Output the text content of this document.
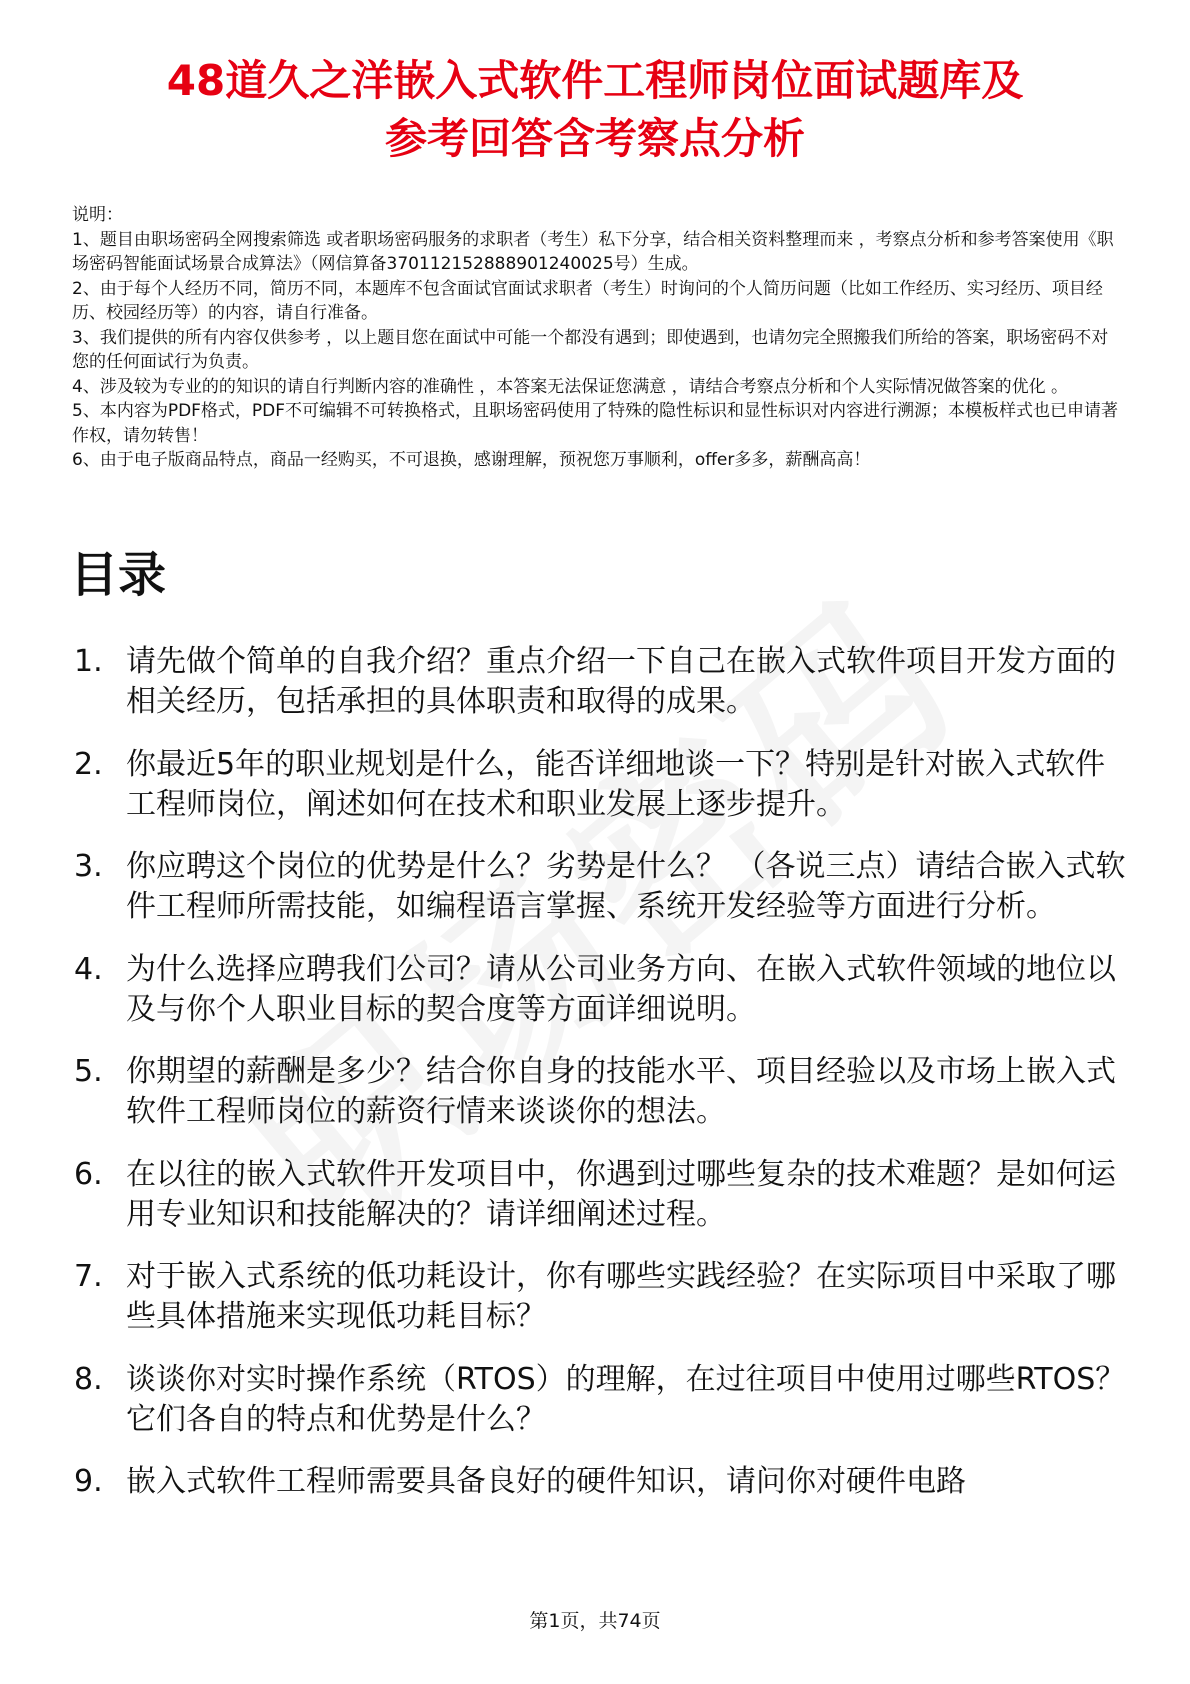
48道久之洋嵌入式软件工程师岗位面试题库及
参考回答含考察点分析

说明：

1、题目由职场密码全网搜索筛选 或者职场密码服务的求职者（考生）私下分享，结合相关资料整理而来 ，考察点分析和参考答案使用《职场密码智能面试场景合成算法》（网信算备370112152888901240025号）生成。

2、由于每个人经历不同，简历不同，本题库不包含面试官面试求职者（考生）时询问的个人简历问题（比如工作经历、实习经历、项目经历、校园经历等）的内容，请自行准备。

3、我们提供的所有内容仅供参考 ，以上题目您在面试中可能一个都没有遇到；即使遇到，也请勿完全照搬我们所给的答案，职场密码不对您的任何面试行为负责。

4、涉及较为专业的的知识的请自行判断内容的准确性 ，本答案无法保证您满意 ，请结合考察点分析和个人实际情况做答案的优化 。

5、本内容为PDF格式，PDF不可编辑不可转换格式，且职场密码使用了特殊的隐性标识和显性标识对内容进行溯源；本模板样式也已申请著作权，请勿转售！

6、由于电子版商品特点，商品一经购买，不可退换，感谢理解，预祝您万事顺利，offer多多，薪酬高高！

目录
1. 请先做个简单的自我介绍？重点介绍一下自己在嵌入式软件项目开发方面的相关经历，包括承担的具体职责和取得的成果。
2. 你最近5年的职业规划是什么，能否详细地谈一下？特别是针对嵌入式软件工程师岗位，阐述如何在技术和职业发展上逐步提升。
3. 你应聘这个岗位的优势是什么？劣势是什么？ （各说三点）请结合嵌入式软件工程师所需技能，如编程语言掌握、系统开发经验等方面进行分析。
4. 为什么选择应聘我们公司？请从公司业务方向、在嵌入式软件领域的地位以及与你个人职业目标的契合度等方面详细说明。
5. 你期望的薪酬是多少？结合你自身的技能水平、项目经验以及市场上嵌入式软件工程师岗位的薪资行情来谈谈你的想法。
6. 在以往的嵌入式软件开发项目中，你遇到过哪些复杂的技术难题？是如何运用专业知识和技能解决的？请详细阐述过程。
7. 对于嵌入式系统的低功耗设计，你有哪些实践经验？在实际项目中采取了哪些具体措施来实现低功耗目标？
8. 谈谈你对实时操作系统（RTOS）的理解，在过往项目中使用过哪些RTOS？它们各自的特点和优势是什么？
9. 嵌入式软件工程师需要具备良好的硬件知识，请问你对硬件电路
第1页，共74页
